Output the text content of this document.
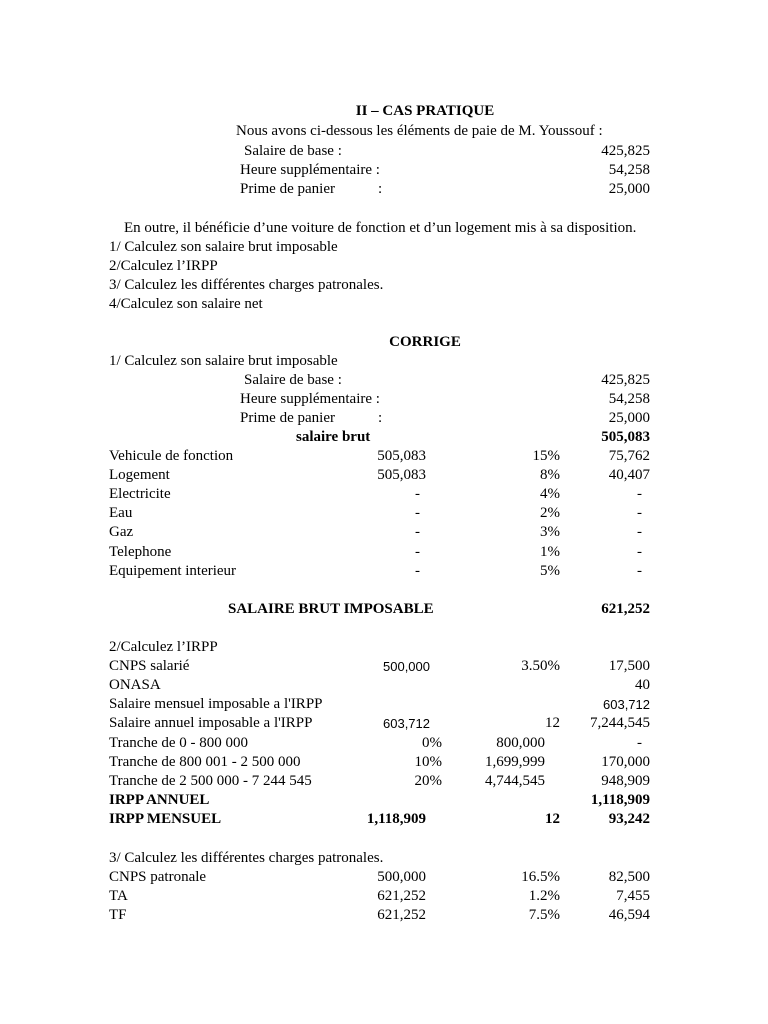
II – CAS PRATIQUE
Nous avons ci-dessous les éléments de paie de M. Youssouf :
Salaire de base :	425,825
Heure supplémentaire :	54,258
Prime de panier	:	25,000
En outre, il bénéficie d’une voiture de fonction et d’un logement mis à sa disposition.
1/ Calculez son salaire brut imposable
2/Calculez l’IRPP
3/ Calculez les différentes charges patronales.
4/Calculez son salaire net
CORRIGE
1/ Calculez son salaire brut imposable
Salaire de base :	425,825
Heure supplémentaire :	54,258
Prime de panier	:	25,000
salaire brut	505,083
Vehicule de fonction	505,083	15%	75,762
Logement	505,083	8%	40,407
Electricite	-	4%	-
Eau	-	2%	-
Gaz	-	3%	-
Telephone	-	1%	-
Equipement interieur	-	5%	-
SALAIRE BRUT IMPOSABLE	621,252
2/Calculez l’IRPP
CNPS salarié	500,000	3.50%	17,500
ONASA	40
Salaire mensuel imposable a l'IRPP	603,712
Salaire annuel imposable a l'IRPP	603,712	12	7,244,545
Tranche de 0 - 800 000	0%	800,000	-
Tranche de 800 001 - 2 500 000	10%	1,699,999	170,000
Tranche de 2 500 000 - 7 244 545	20%	4,744,545	948,909
IRPP ANNUEL	1,118,909
IRPP MENSUEL	1,118,909	12	93,242
3/ Calculez les différentes charges patronales.
CNPS patronale	500,000	16.5%	82,500
TA	621,252	1.2%	7,455
TF	621,252	7.5%	46,594
